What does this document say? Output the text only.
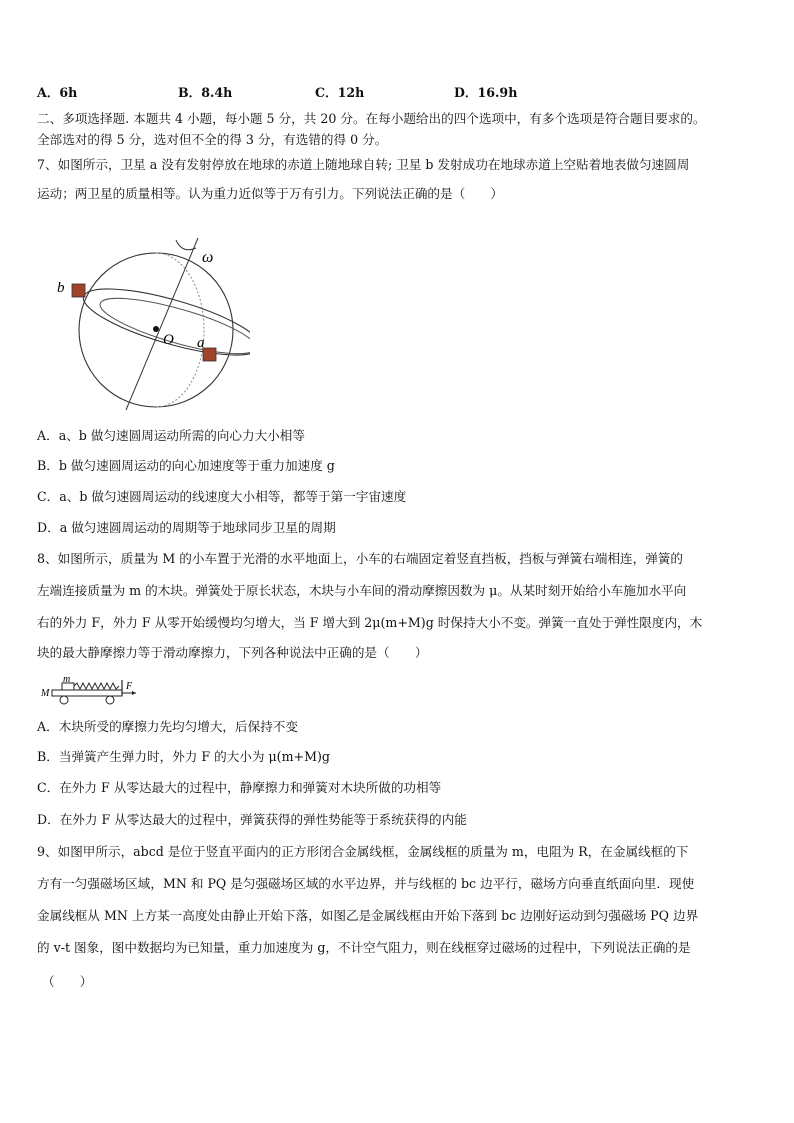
A．6h	B．8.4h	C．12h	D．16.9h
二、多项选择题. 本题共 4 小题，每小题 5 分，共 20 分。在每小题给出的四个选项中，有多个选项是符合题目要求的。
全部选对的得 5 分，选对但不全的得 3 分，有选错的得 0 分。
7、如图所示，卫星 a 没有发射停放在地球的赤道上随地球自转; 卫星 b 发射成功在地球赤道上空贴着地表做匀速圆周
运动；两卫星的质量相等。认为重力近似等于万有引力。下列说法正确的是（　　）
b
O a
ω
A．a、b 做匀速圆周运动所需的向心力大小相等
B．b 做匀速圆周运动的向心加速度等于重力加速度 g
C．a、b 做匀速圆周运动的线速度大小相等，都等于第一宇宙速度
D．a 做匀速圆周运动的周期等于地球同步卫星的周期
8、如图所示，质量为 M 的小车置于光滑的水平地面上，小车的右端固定着竖直挡板，挡板与弹簧右端相连，弹簧的
左端连接质量为 m 的木块。弹簧处于原长状态，木块与小车间的滑动摩擦因数为 μ。从某时刻开始给小车施加水平向
右的外力 F，外力 F 从零开始缓慢均匀增大，当 F 增大到 2μ(m+M)g 时保持大小不变。弹簧一直处于弹性限度内，木
块的最大静摩擦力等于滑动摩擦力，下列各种说法中正确的是（　　）
M
m
F
A．木块所受的摩擦力先均匀增大，后保持不变
B．当弹簧产生弹力时，外力 F 的大小为 μ(m+M)g
C．在外力 F 从零达最大的过程中，静摩擦力和弹簧对木块所做的功相等
D．在外力 F 从零达最大的过程中，弹簧获得的弹性势能等于系统获得的内能
9、如图甲所示，abcd 是位于竖直平面内的正方形闭合金属线框，金属线框的质量为 m，电阻为 R，在金属线框的下
方有一匀强磁场区域，MN 和 PQ 是匀强磁场区域的水平边界，并与线框的 bc 边平行，磁场方向垂直纸面向里．现使
金属线框从 MN 上方某一高度处由静止开始下落，如图乙是金属线框由开始下落到 bc 边刚好运动到匀强磁场 PQ 边界
的 v-t 图象，图中数据均为已知量，重力加速度为 g，不计空气阻力，则在线框穿过磁场的过程中，下列说法正确的是
（　　）
